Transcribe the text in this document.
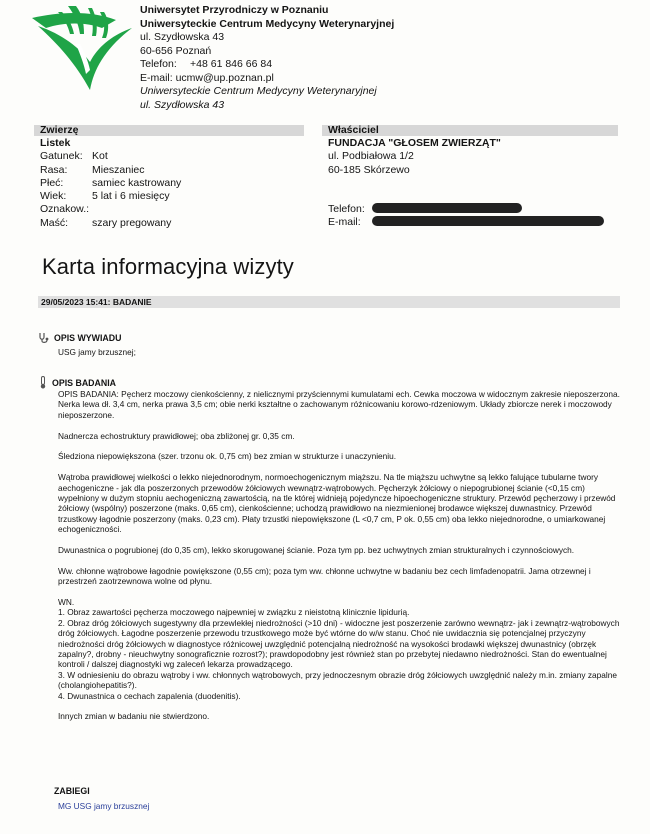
Uniwersytet Przyrodniczy w Poznaniu
Uniwersyteckie Centrum Medycyny Weterynaryjnej
ul. Szydłowska 43
60-656 Poznań
Telefon: +48 61 846 66 84
E-mail: ucmw@up.poznan.pl
Uniwersyteckie Centrum Medycyny Weterynaryjnej
ul. Szydłowska 43
Zwierzę	Właściciel
Listek
Gatunek: Kot
Rasa:	Mieszaniec
Płeć:	samiec kastrowany
Wiek:	5 lat i 6 miesięcy
Oznakow.:
Maść:	szary pregowany
FUNDACJA "GŁOSEM ZWIERZĄT"
ul. Podbiałowa 1/2
60-185 Skórzewo
Telefon:
E-mail:
Karta informacyjna wizyty
29/05/2023 15:41: BADANIE
OPIS WYWIADU
USG jamy brzusznej;
OPIS BADANIA

OPIS BADANIA: Pęcherz moczowy cienkościenny, z nielicznymi przyściennymi kumulatami ech. Cewka moczowa w widocznym zakresie nieposzerzona. Nerka lewa dł. 3,4 cm, nerka prawa 3,5 cm; obie nerki kształtne o zachowanym różnicowaniu korowo-rdzeniowym. Układy zbiorcze nerek i moczowody nieposzerzone.

Nadnercza echostruktury prawidłowej; oba zbliżonej gr. 0,35 cm.

Śledziona niepowiększona (szer. trzonu ok. 0,75 cm) bez zmian w strukturze i unaczynieniu.

Wątroba prawidłowej wielkości o lekko niejednorodnym, normoechogenicznym miąższu. Na tle miąższu uchwytne są lekko falujące tubularne twory aechogeniczne - jak dla poszerzonych przewodów żółciowych wewnątrz-wątrobowych. Pęcherzyk żółciowy o niepogrubionej ścianie (<0,15 cm) wypełniony w dużym stopniu aechogeniczną zawartością, na tle której widnieją pojedyncze hipoechogeniczne struktury. Przewód pęcherzowy i przewód żółciowy (wspólny) poszerzone (maks. 0,65 cm), cienkościenne; uchodzą prawidłowo na niezmienionej brodawce większej duwnastnicy. Przewód trzustkowy łagodnie poszerzony (maks. 0,23 cm). Płaty trzustki niepowiększone (L <0,7 cm, P ok. 0,55 cm) oba lekko niejednorodne, o umiarkowanej echogeniczności.

Dwunastnica o pogrubionej (do 0,35 cm), lekko skorugowanej ścianie. Poza tym pp. bez uchwytnych zmian strukturalnych i czynnościowych.

Ww. chłonne wątrobowe łagodnie powiększone (0,55 cm); poza tym ww. chłonne uchwytne w badaniu bez cech limfadenopatrii. Jama otrzewnej i przestrzeń zaotrzewnowa wolne od płynu.

WN.
1. Obraz zawartości pęcherza moczowego najpewniej w związku z nieistotną klinicznie lipidurią.
2. Obraz dróg żółciowych sugestywny dla przewlekłej niedrożności (>10 dni) - widoczne jest poszerzenie zarówno wewnątrz- jak i zewnątrz-wątrobowych dróg żółciowych. Łagodne poszerzenie przewodu trzustkowego może być wtórne do w/w stanu. Choć nie uwidacznia się potencjalnej przyczyny niedrożności dróg żółciowych w diagnostyce różnicowej uwzględnić potencjalną niedrożność na wysokości brodawki większej dwunastnicy (obrzęk zapalny?, drobny - nieuchwytny sonograficznie rozrost?); prawdopodobny jest również stan po przebytej niedawno niedrożności. Stan do ewentualnej kontroli / dalszej diagnostyki wg zaleceń lekarza prowadzącego.
3. W odniesieniu do obrazu wątroby i ww. chłonnych wątrobowych, przy jednoczesnym obrazie dróg żółciowych uwzględnić należy m.in. zmiany zapalne (cholangiohepatitis?).
4. Dwunastnica o cechach zapalenia (duodenitis).

Innych zmian w badaniu nie stwierdzono.

ZABIEGI
MG USG jamy brzusznej
